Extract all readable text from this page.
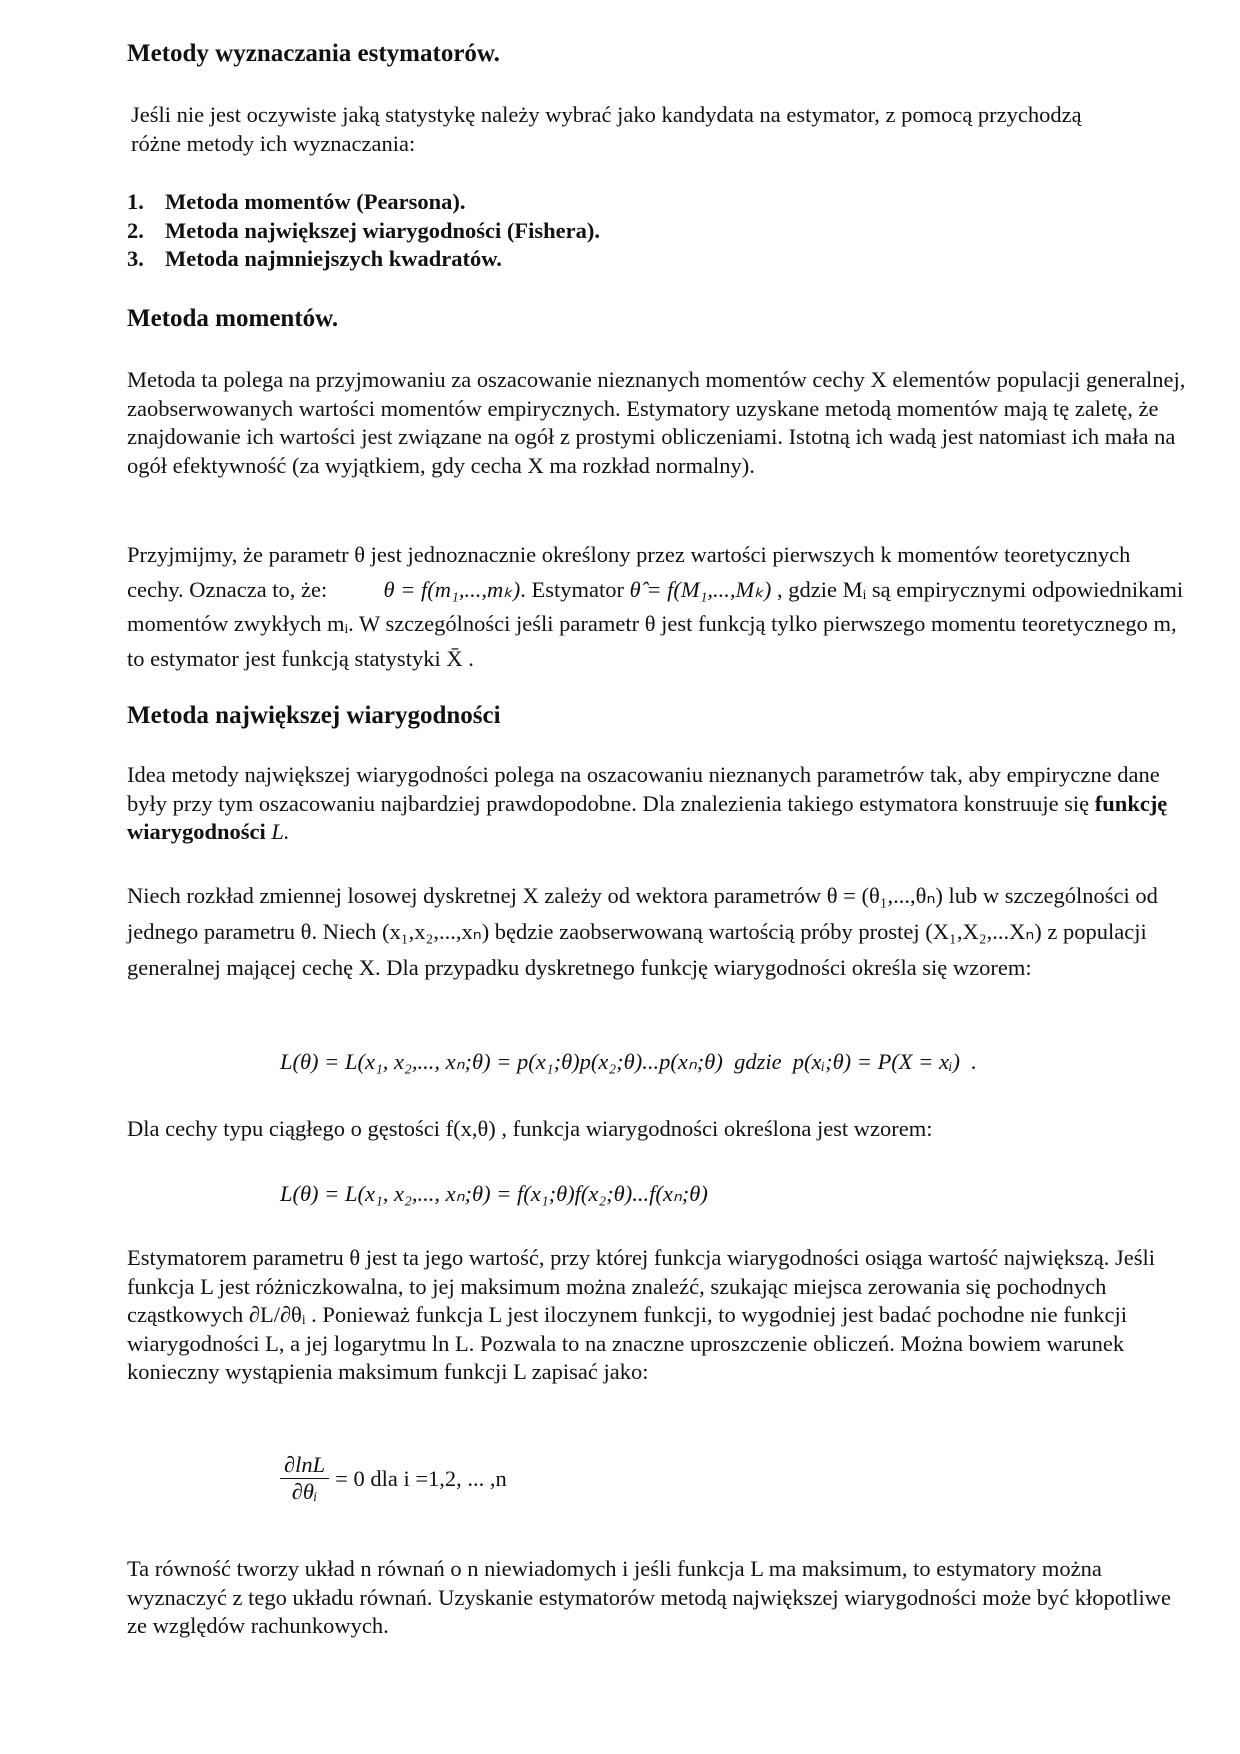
Metody wyznaczania estymatorów.

Jeśli nie jest oczywiste jaką statystykę należy wybrać jako kandydata na estymator, z pomocą przychodzą różne metody ich wyznaczania:

1. Metoda momentów (Pearsona).
2. Metoda największej wiarygodności (Fishera).
3. Metoda najmniejszych kwadratów.
Metoda momentów.

Metoda ta polega na przyjmowaniu za oszacowanie nieznanych momentów cechy X elementów populacji generalnej, zaobserwowanych wartości momentów empirycznych. Estymatory uzyskane metodą momentów mają tę zaletę, że znajdowanie ich wartości jest związane na ogół z prostymi obliczeniami. Istotną ich wadą jest natomiast ich mała na ogół efektywność (za wyjątkiem, gdy cecha X ma rozkład normalny).

Przyjmijmy, że parametr θ jest jednoznacznie określony przez wartości pierwszych k momentów teoretycznych cechy. Oznacza to, że:	θ = f(m₁,...,mₖ). Estymator θ̂ = f(M₁,...,Mₖ) , gdzie Mᵢ są empirycznymi odpowiednikami momentów zwykłych mᵢ. W szczególności jeśli parametr θ jest funkcją tylko pierwszego momentu teoretycznego m, to estymator jest funkcją statystyki X̄ .

Metoda największej wiarygodności

Idea metody największej wiarygodności polega na oszacowaniu nieznanych parametrów tak, aby empiryczne dane były przy tym oszacowaniu najbardziej prawdopodobne. Dla znalezienia takiego estymatora konstruuje się funkcję wiarygodności L.

Niech rozkład zmiennej losowej dyskretnej X zależy od wektora parametrów θ = (θ₁,...,θₙ) lub w szczególności od jednego parametru θ. Niech (x₁,x₂,...,xₙ) będzie zaobserwowaną wartością próby prostej (X₁,X₂,...Xₙ) z populacji generalnej mającej cechę X. Dla przypadku dyskretnego funkcję wiarygodności określa się wzorem:

L(θ) = L(x₁, x₂,..., xₙ;θ) = p(x₁;θ)p(x₂;θ)...p(xₙ;θ)  gdzie  p(xᵢ;θ) = P(X = xᵢ)  .

Dla cechy typu ciągłego o gęstości f(x,θ) , funkcja wiarygodności określona jest wzorem:

L(θ) = L(x₁, x₂,..., xₙ;θ) = f(x₁;θ)f(x₂;θ)...f(xₙ;θ)

Estymatorem parametru θ jest ta jego wartość, przy której funkcja wiarygodności osiąga wartość największą. Jeśli funkcja L jest różniczkowalna, to jej maksimum można znaleźć, szukając miejsca zerowania się pochodnych cząstkowych ∂L/∂θᵢ . Ponieważ funkcja L jest iloczynem funkcji, to wygodniej jest badać pochodne nie funkcji wiarygodności L, a jej logarytmu ln L. Pozwala to na znaczne uproszczenie obliczeń. Można bowiem warunek konieczny wystąpienia maksimum funkcji L zapisać jako:

$\frac{\partial\ln L}{\text{∂θᵢ}} = 0$ dla i =1,2, ... ,n

Ta równość tworzy układ n równań o n niewiadomych i jeśli funkcja L ma maksimum, to estymatory można wyznaczyć z tego układu równań. Uzyskanie estymatorów metodą największej wiarygodności może być kłopotliwe ze względów rachunkowych.
